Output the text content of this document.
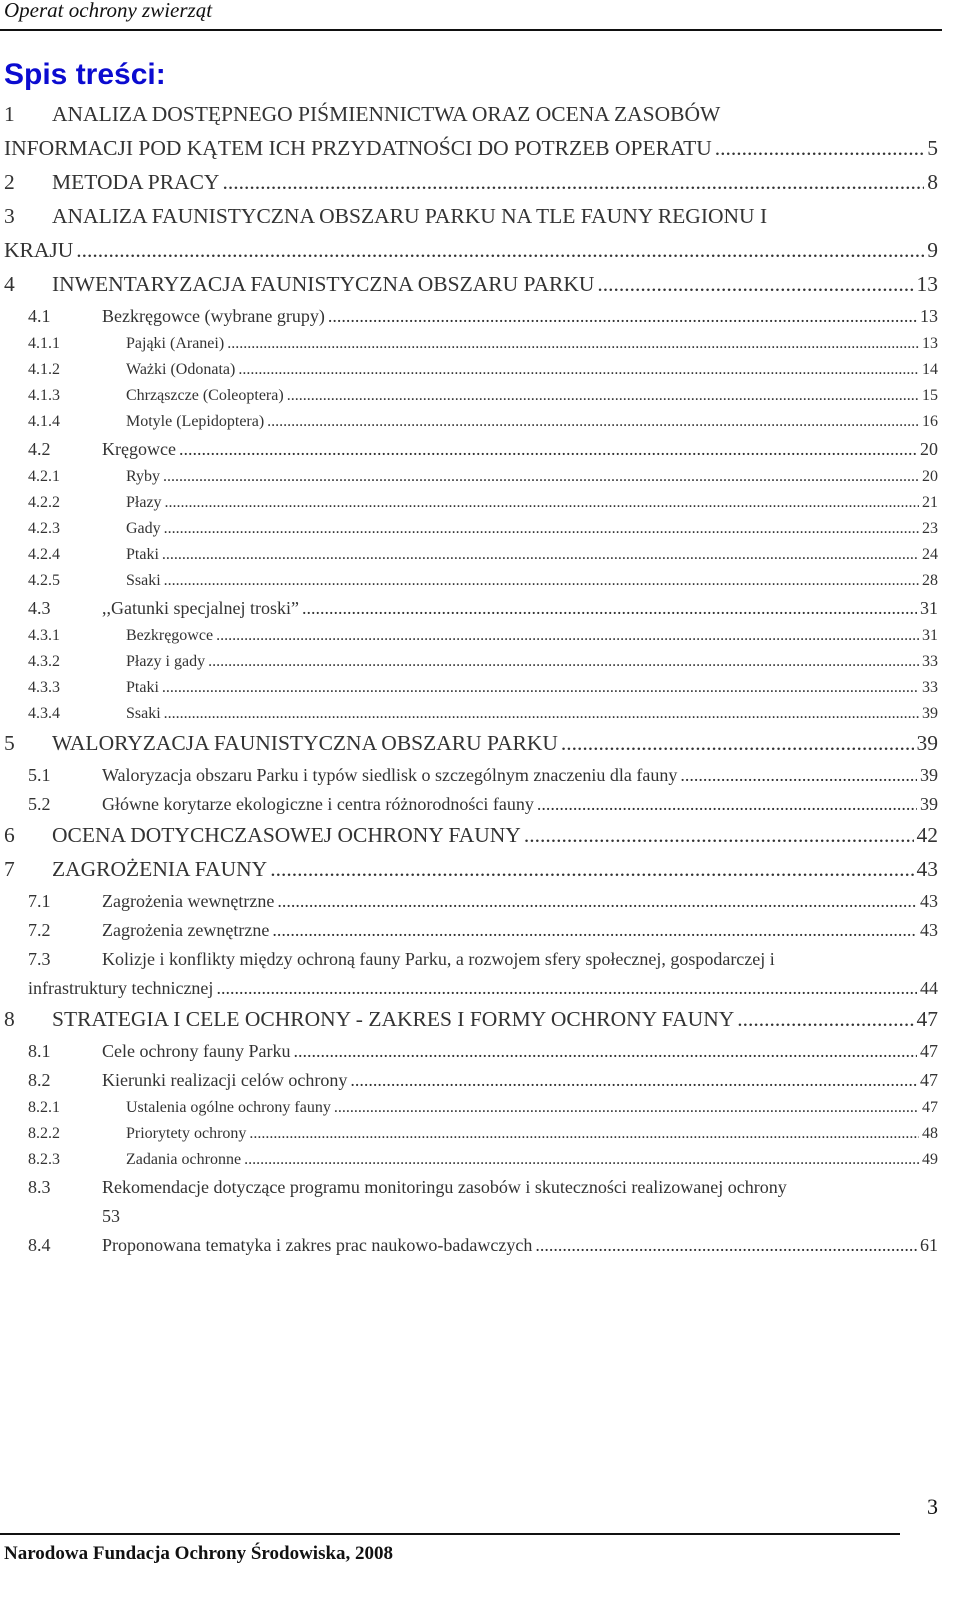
Operat ochrony zwierząt
Spis treści:
1	ANALIZA DOSTĘPNEGO PIŚMIENNICTWA ORAZ OCENA ZASOBÓW
INFORMACJI POD KĄTEM ICH PRZYDATNOŚCI DO POTRZEB OPERATU .....	5
2	METODA PRACY .....	8
3	ANALIZA FAUNISTYCZNA OBSZARU PARKU NA TLE FAUNY REGIONU I
KRAJU .....	9
4	INWENTARYZACJA FAUNISTYCZNA OBSZARU PARKU .....	13
4.1	Bezkręgowce (wybrane grupy) .....	13
4.1.1	Pająki (Aranei) .....	13
4.1.2	Ważki (Odonata) .....	14
4.1.3	Chrząszcze (Coleoptera) .....	15
4.1.4	Motyle (Lepidoptera) .....	16
4.2	Kręgowce .....	20
4.2.1	Ryby .....	20
4.2.2	Płazy .....	21
4.2.3	Gady .....	23
4.2.4	Ptaki .....	24
4.2.5	Ssaki .....	28
4.3	,,Gatunki specjalnej troski” .....	31
4.3.1	Bezkręgowce .....	31
4.3.2	Płazy i gady .....	33
4.3.3	Ptaki .....	33
4.3.4	Ssaki .....	39
5	WALORYZACJA FAUNISTYCZNA OBSZARU PARKU .....	39
5.1	Waloryzacja obszaru Parku i typów siedlisk o szczególnym znaczeniu dla fauny .....	39
5.2	Główne korytarze ekologiczne i centra różnorodności fauny .....	39
6	OCENA DOTYCHCZASOWEJ OCHRONY FAUNY .....	42
7	ZAGROŻENIA FAUNY .....	43
7.1	Zagrożenia wewnętrzne .....	43
7.2	Zagrożenia zewnętrzne .....	43
7.3	Kolizje i konflikty między ochroną fauny Parku, a rozwojem sfery społecznej, gospodarczej i
infrastruktury technicznej .....	44
8	STRATEGIA I CELE OCHRONY - ZAKRES I FORMY OCHRONY FAUNY .....	47
8.1	Cele ochrony fauny Parku .....	47
8.2	Kierunki realizacji celów ochrony .....	47
8.2.1	Ustalenia ogólne ochrony fauny .....	47
8.2.2	Priorytety ochrony .....	48
8.2.3	Zadania ochronne .....	49
8.3	Rekomendacje dotyczące programu monitoringu zasobów i skuteczności realizowanej ochrony
53
8.4	Proponowana tematyka i zakres prac naukowo-badawczych .....	61
3
Narodowa Fundacja Ochrony Środowiska, 2008
